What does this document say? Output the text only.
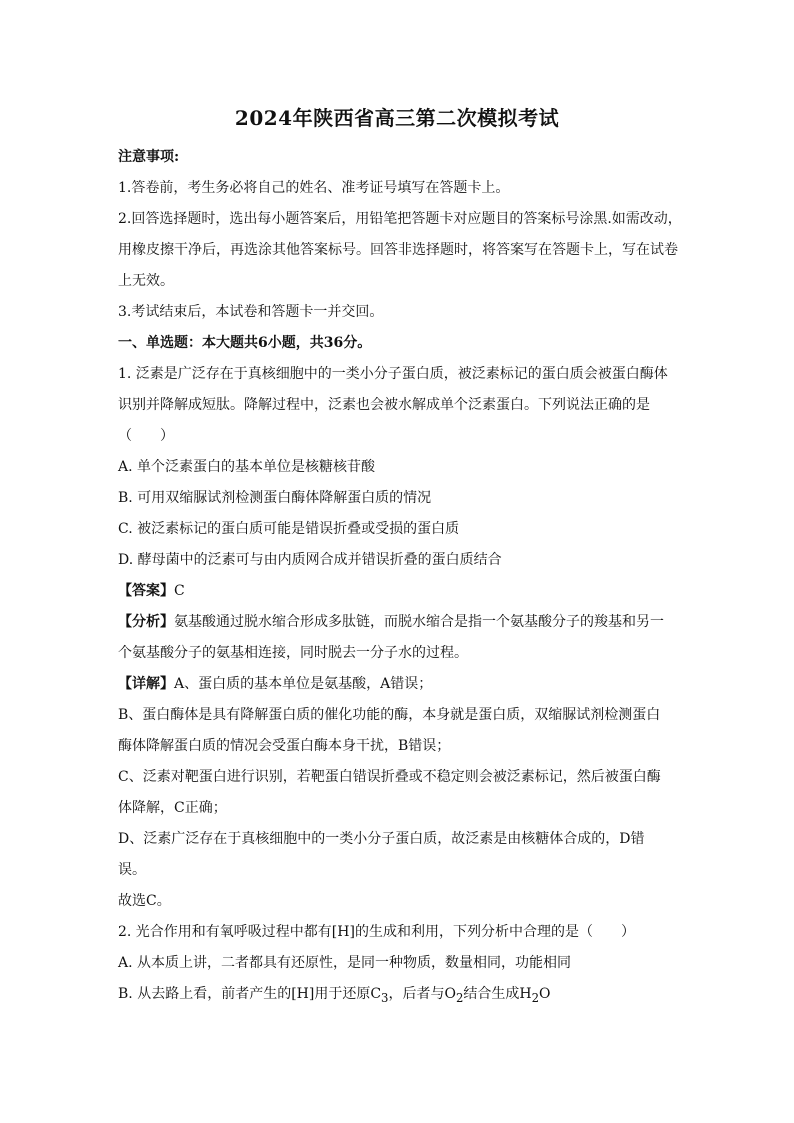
2024年陕西省高三第二次模拟考试
注意事项:
1.答卷前，考生务必将自己的姓名、准考证号填写在答题卡上。
2.回答选择题时，选出每小题答案后，用铅笔把答题卡对应题目的答案标号涂黑.如需改动，
用橡皮擦干净后，再选涂其他答案标号。回答非选择题时，将答案写在答题卡上，写在试卷
上无效。
3.考试结束后，本试卷和答题卡一并交回。
一、单选题：本大题共6小题，共36分。
1. 泛素是广泛存在于真核细胞中的一类小分子蛋白质，被泛素标记的蛋白质会被蛋白酶体
识别并降解成短肽。降解过程中，泛素也会被水解成单个泛素蛋白。下列说法正确的是
（　　）
A. 单个泛素蛋白的基本单位是核糖核苷酸
B. 可用双缩脲试剂检测蛋白酶体降解蛋白质的情况
C. 被泛素标记的蛋白质可能是错误折叠或受损的蛋白质
D. 酵母菌中的泛素可与由内质网合成并错误折叠的蛋白质结合
【答案】C
【分析】氨基酸通过脱水缩合形成多肽链，而脱水缩合是指一个氨基酸分子的羧基和另一
个氨基酸分子的氨基相连接，同时脱去一分子水的过程。
【详解】A、蛋白质的基本单位是氨基酸，A错误；
B、蛋白酶体是具有降解蛋白质的催化功能的酶，本身就是蛋白质，双缩脲试剂检测蛋白
酶体降解蛋白质的情况会受蛋白酶本身干扰，B错误；
C、泛素对靶蛋白进行识别，若靶蛋白错误折叠或不稳定则会被泛素标记，然后被蛋白酶
体降解，C正确；
D、泛素广泛存在于真核细胞中的一类小分子蛋白质，故泛素是由核糖体合成的，D错
误。
故选C。
2. 光合作用和有氧呼吸过程中都有[H]的生成和利用，下列分析中合理的是（　　）
A. 从本质上讲，二者都具有还原性，是同一种物质，数量相同，功能相同
B. 从去路上看，前者产生的[H]用于还原$C_3$，后者与$O_2$结合生成$H_2O$
